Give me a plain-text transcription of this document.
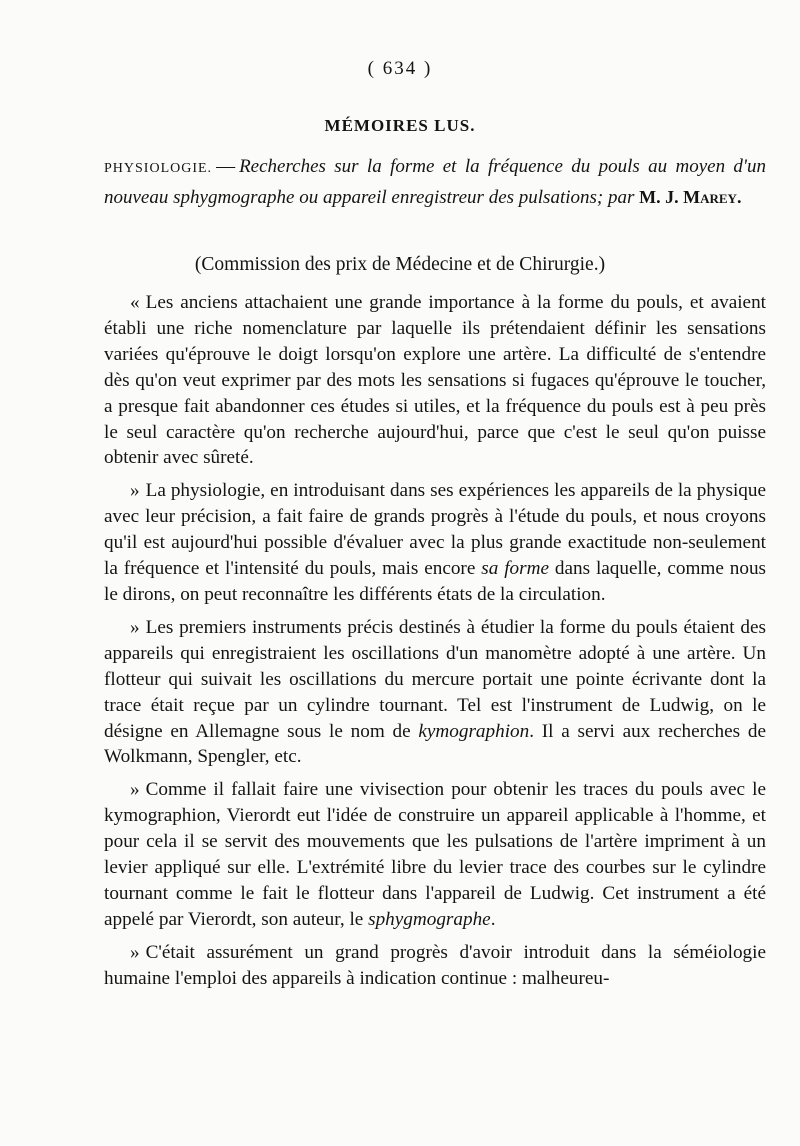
( 634 )
MÉMOIRES LUS.
PHYSIOLOGIE. — Recherches sur la forme et la fréquence du pouls au moyen d'un nouveau sphygmographe ou appareil enregistreur des pulsations; par M. J. Marey.
(Commission des prix de Médecine et de Chirurgie.)

« Les anciens attachaient une grande importance à la forme du pouls, et avaient établi une riche nomenclature par laquelle ils prétendaient définir les sensations variées qu'éprouve le doigt lorsqu'on explore une artère. La difficulté de s'entendre dès qu'on veut exprimer par des mots les sensations si fugaces qu'éprouve le toucher, a presque fait abandonner ces études si utiles, et la fréquence du pouls est à peu près le seul caractère qu'on recherche aujourd'hui, parce que c'est le seul qu'on puisse obtenir avec sûreté.

» La physiologie, en introduisant dans ses expériences les appareils de la physique avec leur précision, a fait faire de grands progrès à l'étude du pouls, et nous croyons qu'il est aujourd'hui possible d'évaluer avec la plus grande exactitude non-seulement la fréquence et l'intensité du pouls, mais encore sa forme dans laquelle, comme nous le dirons, on peut reconnaître les différents états de la circulation.

» Les premiers instruments précis destinés à étudier la forme du pouls étaient des appareils qui enregistraient les oscillations d'un manomètre adopté à une artère. Un flotteur qui suivait les oscillations du mercure portait une pointe écrivante dont la trace était reçue par un cylindre tournant. Tel est l'instrument de Ludwig, on le désigne en Allemagne sous le nom de kymographion. Il a servi aux recherches de Wolkmann, Spengler, etc.

» Comme il fallait faire une vivisection pour obtenir les traces du pouls avec le kymographion, Vierordt eut l'idée de construire un appareil applicable à l'homme, et pour cela il se servit des mouvements que les pulsations de l'artère impriment à un levier appliqué sur elle. L'extrémité libre du levier trace des courbes sur le cylindre tournant comme le fait le flotteur dans l'appareil de Ludwig. Cet instrument a été appelé par Vierordt, son auteur, le sphygmographe.

» C'était assurément un grand progrès d'avoir introduit dans la séméiologie humaine l'emploi des appareils à indication continue : malheureu-
